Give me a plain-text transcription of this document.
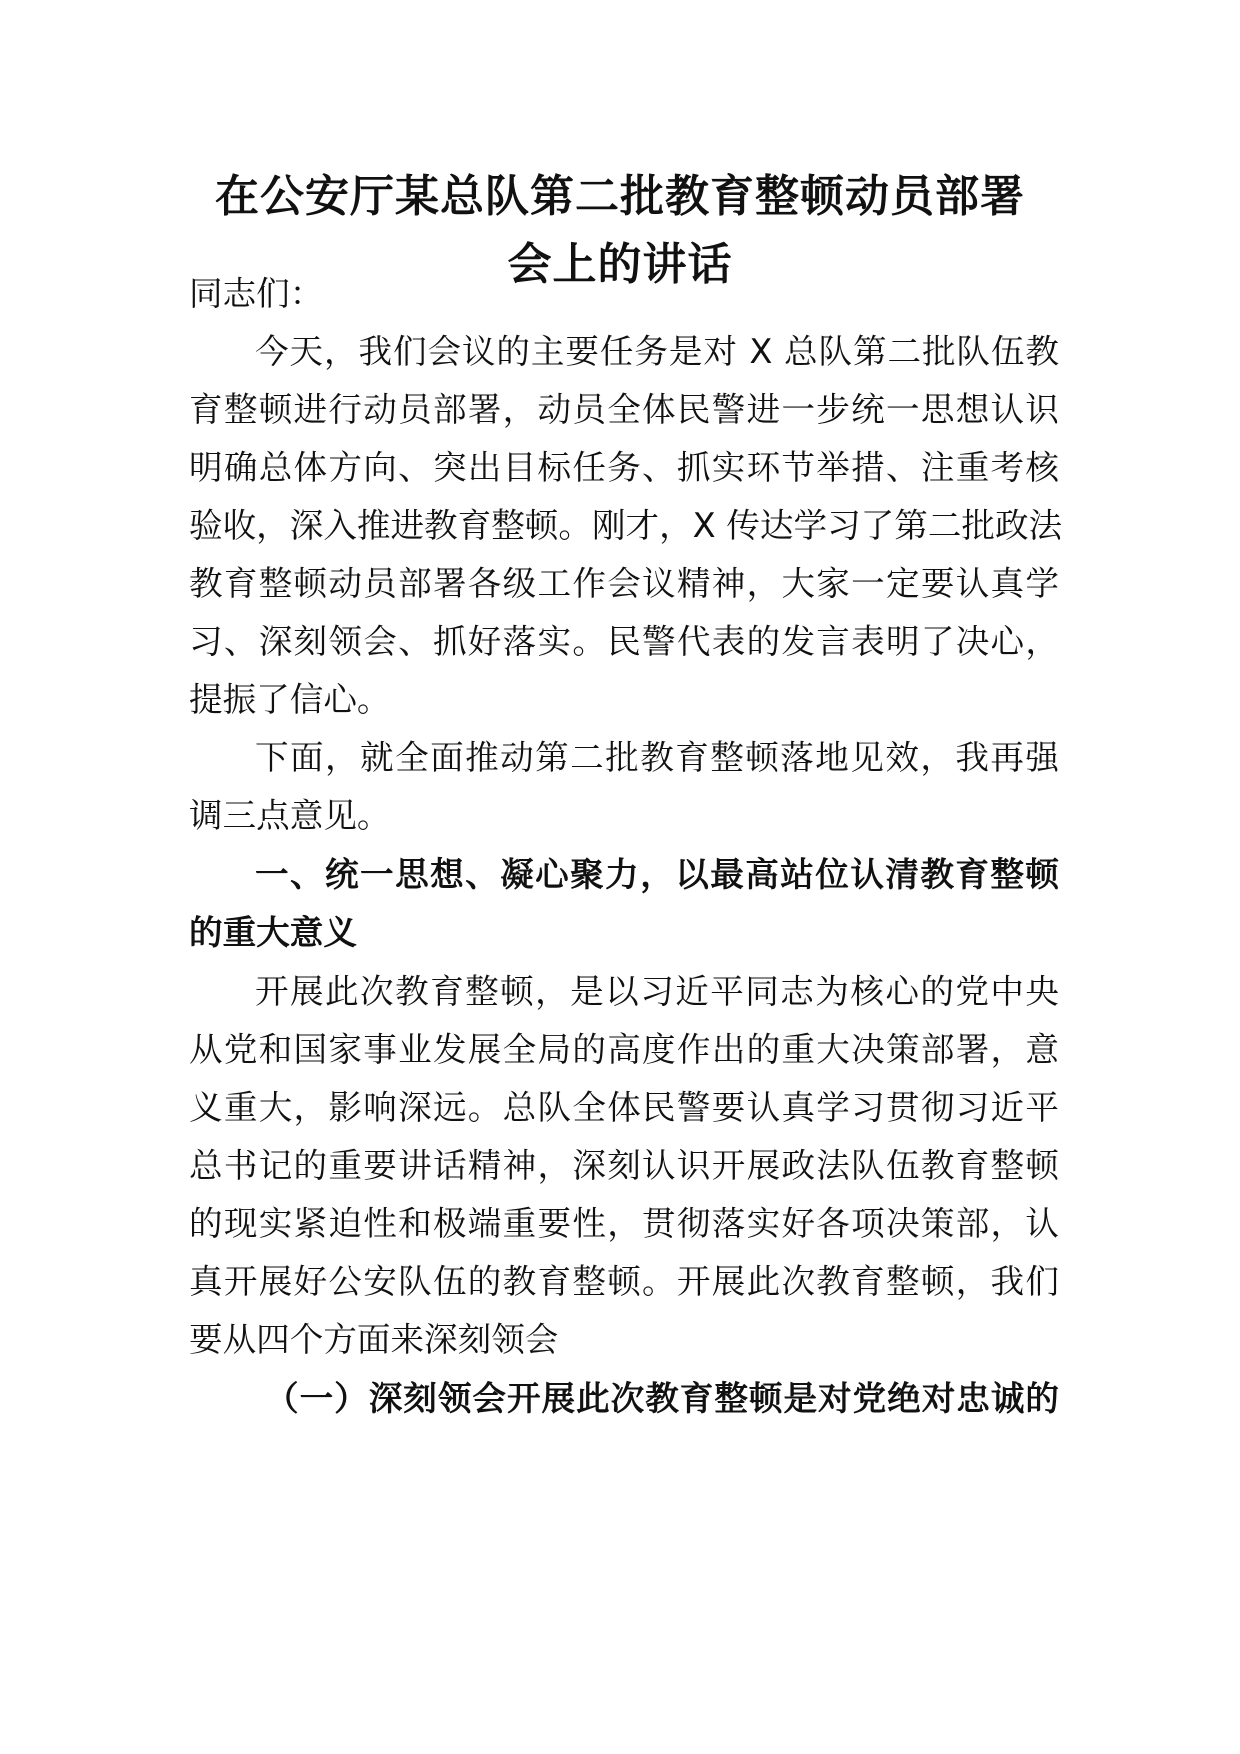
在公安厅某总队第二批教育整顿动员部署
会上的讲话

同志们：

今天，我们会议的主要任务是对 X 总队第二批队伍教

育整顿进行动员部署，动员全体民警进一步统一思想认识

明确总体方向、突出目标任务、抓实环节举措、注重考核

验收，深入推进教育整顿。刚才，X 传达学习了第二批政法

教育整顿动员部署各级工作会议精神，大家一定要认真学

习、深刻领会、抓好落实。民警代表的发言表明了决心，

提振了信心。

下面，就全面推动第二批教育整顿落地见效，我再强

调三点意见。

一、统一思想、凝心聚力，以最高站位认清教育整顿

的重大意义

开展此次教育整顿，是以习近平同志为核心的党中央

从党和国家事业发展全局的高度作出的重大决策部署，意

义重大，影响深远。总队全体民警要认真学习贯彻习近平

总书记的重要讲话精神，深刻认识开展政法队伍教育整顿

的现实紧迫性和极端重要性，贯彻落实好各项决策部，认

真开展好公安队伍的教育整顿。开展此次教育整顿，我们

要从四个方面来深刻领会

（一）深刻领会开展此次教育整顿是对党绝对忠诚的
